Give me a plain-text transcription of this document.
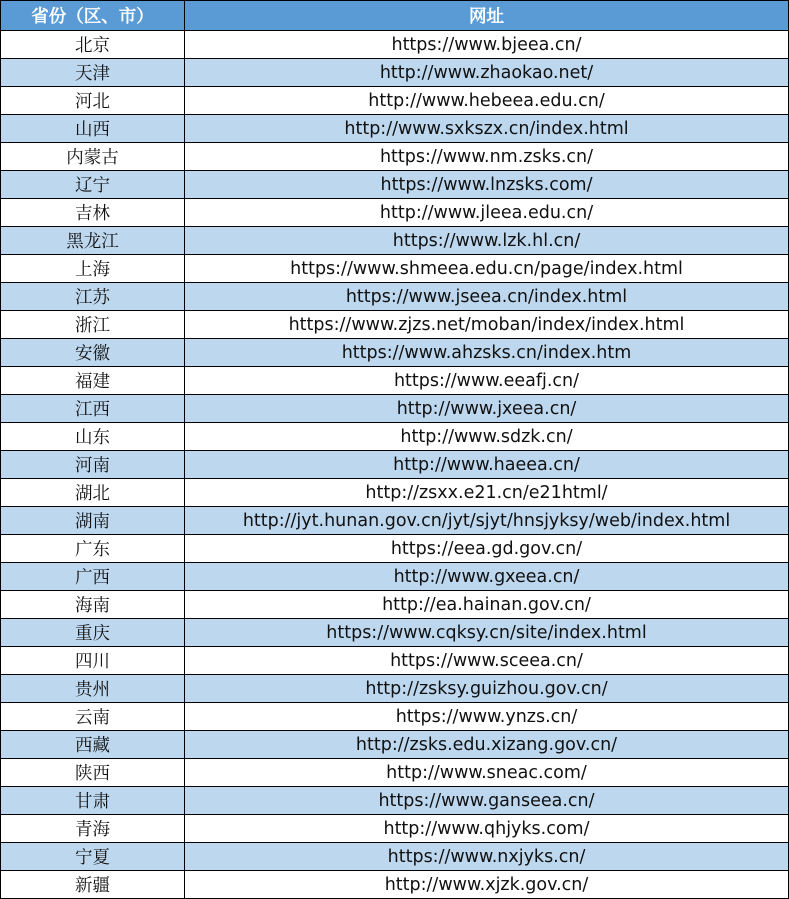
省份（区、市）	网址
北京	https://www.bjeea.cn/
天津	http://www.zhaokao.net/
河北	http://www.hebeea.edu.cn/
山西	http://www.sxkszx.cn/index.html
内蒙古	https://www.nm.zsks.cn/
辽宁	https://www.lnzsks.com/
吉林	http://www.jleea.edu.cn/
黑龙江	https://www.lzk.hl.cn/
上海	https://www.shmeea.edu.cn/page/index.html
江苏	https://www.jseea.cn/index.html
浙江	https://www.zjzs.net/moban/index/index.html
安徽	https://www.ahzsks.cn/index.htm
福建	https://www.eeafj.cn/
江西	http://www.jxeea.cn/
山东	http://www.sdzk.cn/
河南	http://www.haeea.cn/
湖北	http://zsxx.e21.cn/e21html/
湖南	http://jyt.hunan.gov.cn/jyt/sjyt/hnsjyksy/web/index.html
广东	https://eea.gd.gov.cn/
广西	http://www.gxeea.cn/
海南	http://ea.hainan.gov.cn/
重庆	https://www.cqksy.cn/site/index.html
四川	https://www.sceea.cn/
贵州	http://zsksy.guizhou.gov.cn/
云南	https://www.ynzs.cn/
西藏	http://zsks.edu.xizang.gov.cn/
陕西	http://www.sneac.com/
甘肃	https://www.ganseea.cn/
青海	http://www.qhjyks.com/
宁夏	https://www.nxjyks.cn/
新疆	http://www.xjzk.gov.cn/
